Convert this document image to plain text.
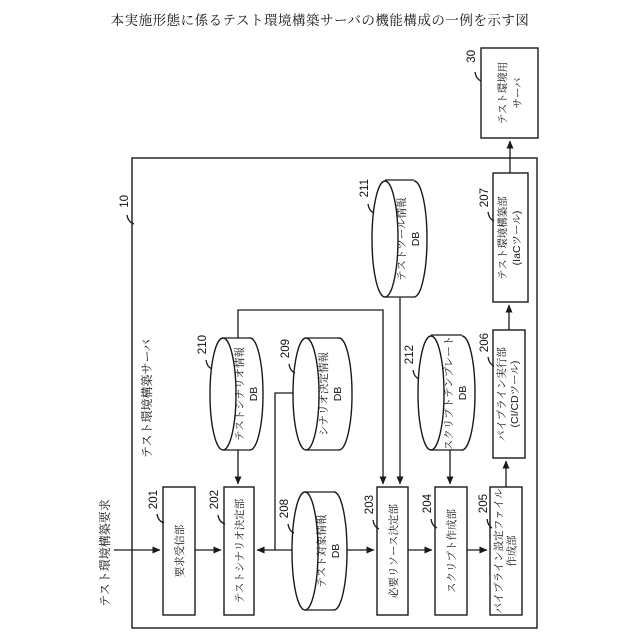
本実施形態に係るテスト環境構築サーバの機能構成の一例を示す図
テスト環境構築サーバ
10
テスト環境構築要求	要求受信部
201	テストシナリオ決定部
202
必要リソース決定部
203
スクリプト作成部
204	パイプライン設定ファイル 作成部
205
パイプライン実行部 (CI/CDツール)
206
テスト環境構築部 (IaCツール)
207
テスト環境用 サーバ
30
テスト対象情報 DB
208
テストシナリオ情報 DB
210
シナリオ決定情報 DB
209
テストツール情報 DB
211
スクリプトテンプレート DB
212
